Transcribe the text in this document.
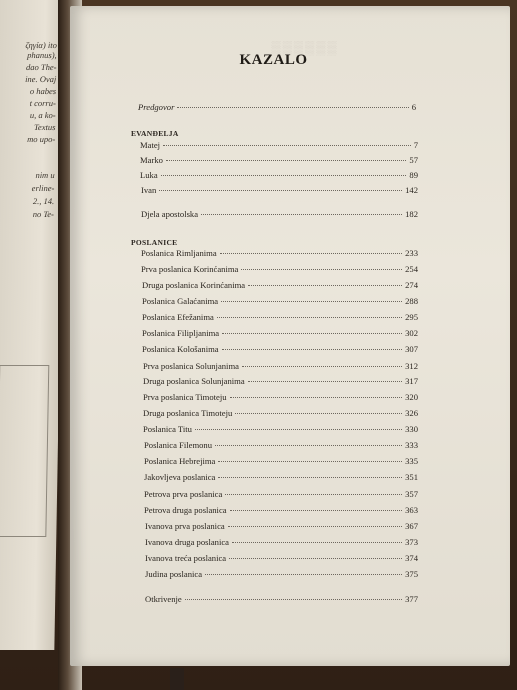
ζηγία) ito
phanus),
dao The-
ine. Ovaj
o habes
t corru-
u, a ko-
Textus
mo upo-
nim u
erline-
2., 14.
no Te-
▒▒▒▒▒▒
KAZALO
Predgovor	6
EVANĐELJA
Matej	7
Marko	57
Luka	89
Ivan	142
Djela apostolska	182
POSLANICE
Poslanica Rimljanima	233
Prva poslanica Korinćanima	254
Druga poslanica Korinćanima	274
Poslanica Galaćanima	288
Poslanica Efežanima	295
Poslanica Filipljanima	302
Poslanica Kološanima	307
Prva poslanica Solunjanima	312
Druga poslanica Solunjanima	317
Prva poslanica Timoteju	320
Druga poslanica Timoteju	326
Poslanica Titu	330
Poslanica Filemonu	333
Poslanica Hebrejima	335
Jakovljeva poslanica	351
Petrova prva poslanica	357
Petrova druga poslanica	363
Ivanova prva poslanica	367
Ivanova druga poslanica	373
Ivanova treća poslanica	374
Judina poslanica	375
Otkrivenje	377
